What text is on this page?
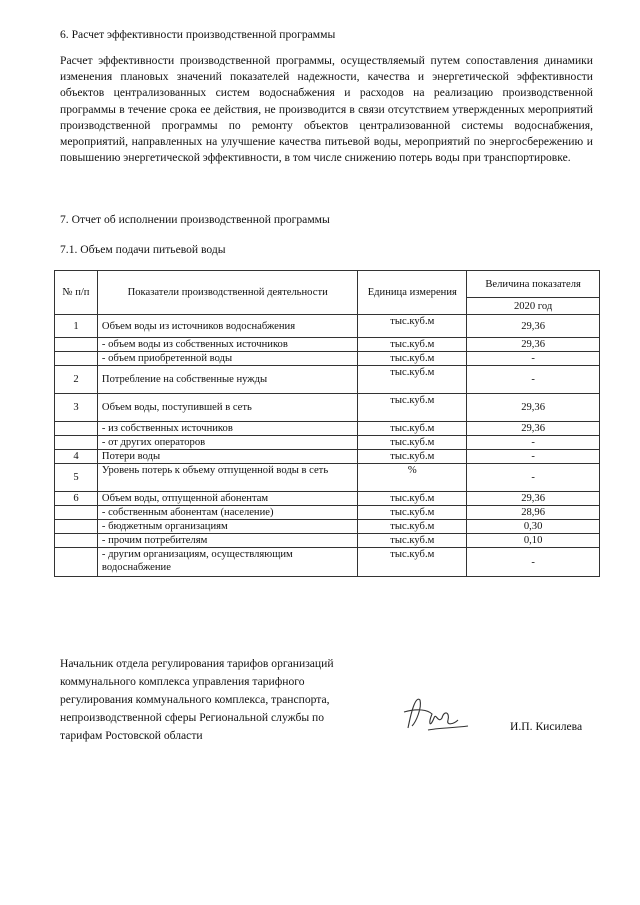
6. Расчет эффективности производственной программы
Расчет эффективности производственной программы, осуществляемый путем сопоставления динамики изменения плановых значений показателей надежности, качества и энергетической эффективности объектов централизованных систем водоснабжения и расходов на реализацию производственной программы в течение срока ее действия, не производится в связи отсутствием утвержденных мероприятий производственной программы по ремонту объектов централизованной системы водоснабжения, мероприятий, направленных на улучшение качества питьевой воды, мероприятий по энергосбережению и повышению энергетической эффективности, в том числе снижению потерь воды при транспортировке.
7. Отчет об исполнении производственной программы
7.1. Объем подачи питьевой воды
№ п/п	Показатели производственной деятельности	Единица измерения	Величина показателя
			2020 год
1	Объем воды из источников водоснабжения	тыс.куб.м	29,36
	- объем воды из собственных источников	тыс.куб.м	29,36
	- объем приобретенной воды	тыс.куб.м	-
2	Потребление на собственные нужды	тыс.куб.м	-
3	Объем воды, поступившей в сеть	тыс.куб.м	29,36
	- из собственных источников	тыс.куб.м	29,36
	- от других операторов	тыс.куб.м	-
4	Потери воды	тыс.куб.м	-
5	Уровень потерь к объему отпущенной воды в сеть	%	-
6	Объем воды, отпущенной абонентам	тыс.куб.м	29,36
	- собственным абонентам (население)	тыс.куб.м	28,96
	- бюджетным организациям	тыс.куб.м	0,30
	- прочим потребителям	тыс.куб.м	0,10
	- другим организациям, осуществляющим водоснабжение	тыс.куб.м	-
Начальник отдела регулирования тарифов организаций
коммунального комплекса управления тарифного
регулирования коммунального комплекса, транспорта,
непроизводственной сферы Региональной службы по
тарифам Ростовской области
И.П. Кисилева
